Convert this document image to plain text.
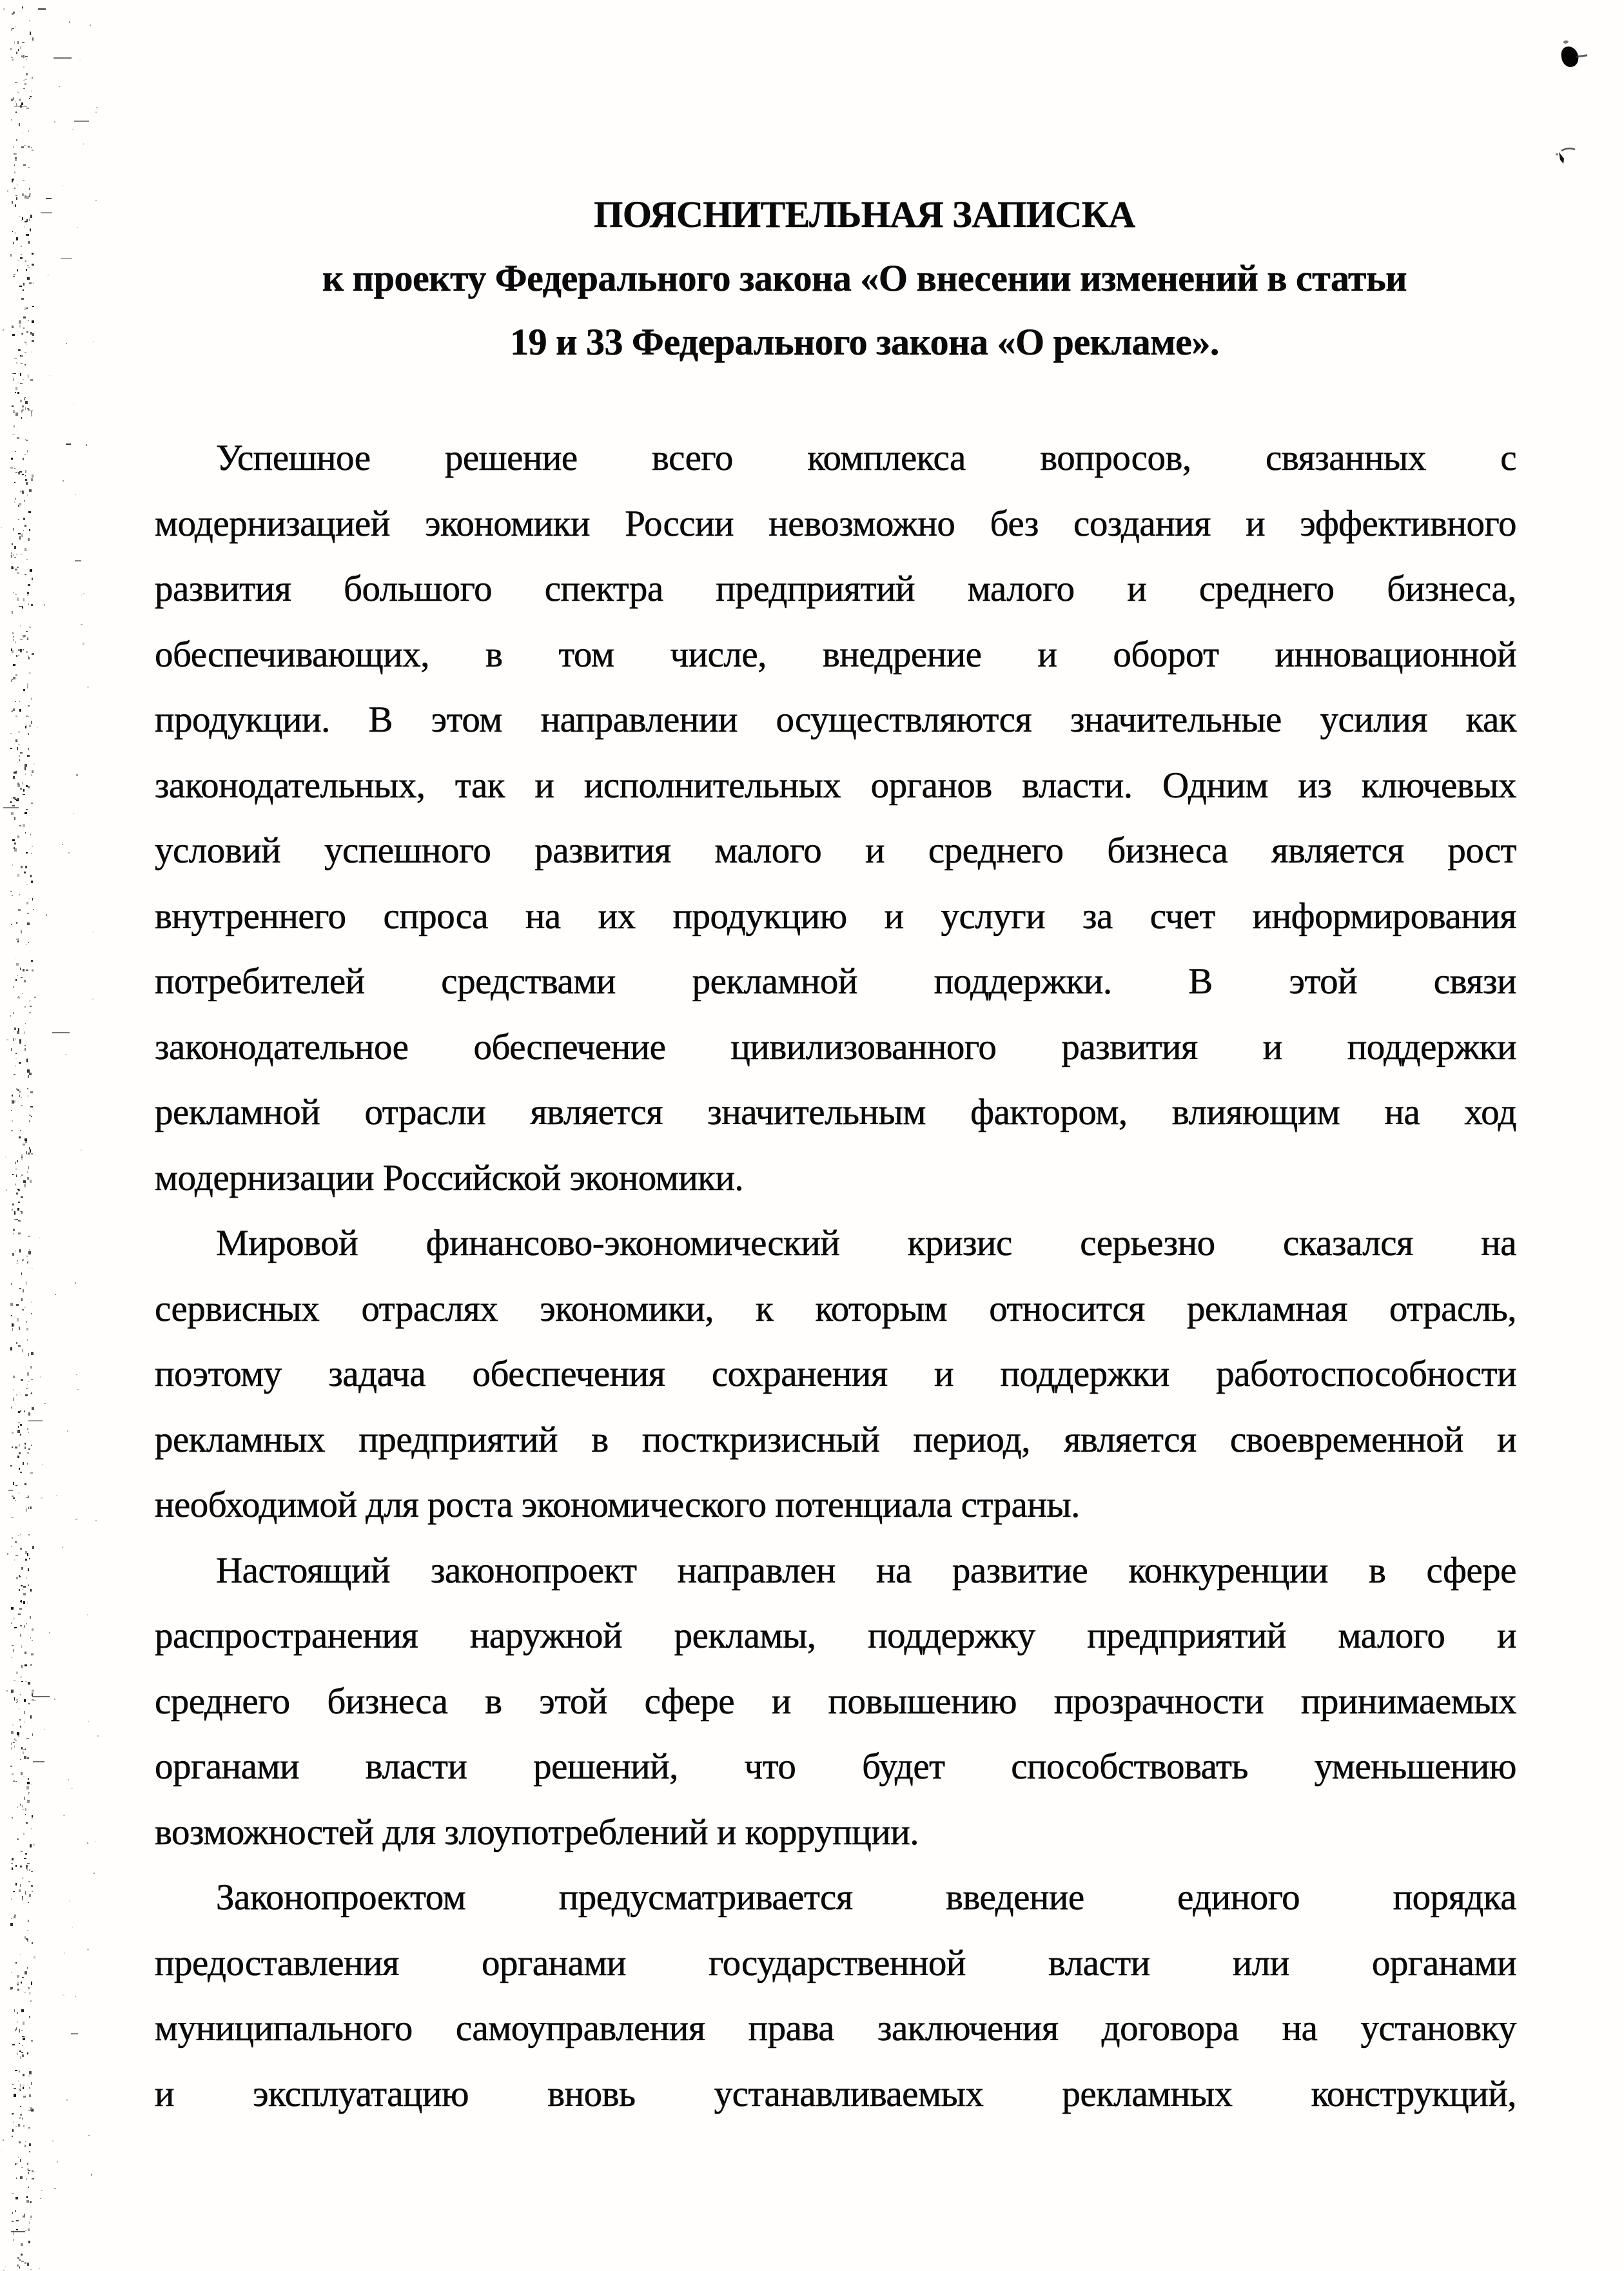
ПОЯСНИТЕЛЬНАЯ ЗАПИСКА
к проекту Федерального закона «О внесении изменений в статьи
19 и 33 Федерального закона «О рекламе».
Успешное решение всего комплекса вопросов, связанных с
модернизацией экономики России невозможно без создания и эффективного
развития большого спектра предприятий малого и среднего бизнеса,
обеспечивающих, в том числе, внедрение и оборот инновационной
продукции. В этом направлении осуществляются значительные усилия как
законодательных, так и исполнительных органов власти. Одним из ключевых
условий успешного развития малого и среднего бизнеса является рост
внутреннего спроса на их продукцию и услуги за счет информирования
потребителей средствами рекламной поддержки. В этой связи
законодательное обеспечение цивилизованного развития и поддержки
рекламной отрасли является значительным фактором, влияющим на ход
модернизации Российской экономики.
Мировой финансово-экономический кризис серьезно сказался на
сервисных отраслях экономики, к которым относится рекламная отрасль,
поэтому задача обеспечения сохранения и поддержки работоспособности
рекламных предприятий в посткризисный период, является своевременной и
необходимой для роста экономического потенциала страны.
Настоящий законопроект направлен на развитие конкуренции в сфере
распространения наружной рекламы, поддержку предприятий малого и
среднего бизнеса в этой сфере и повышению прозрачности принимаемых
органами власти решений, что будет способствовать уменьшению
возможностей для злоупотреблений и коррупции.
Законопроектом предусматривается введение единого порядка
предоставления органами государственной власти или органами
муниципального самоуправления права заключения договора на установку
и эксплуатацию вновь устанавливаемых рекламных конструкций,
